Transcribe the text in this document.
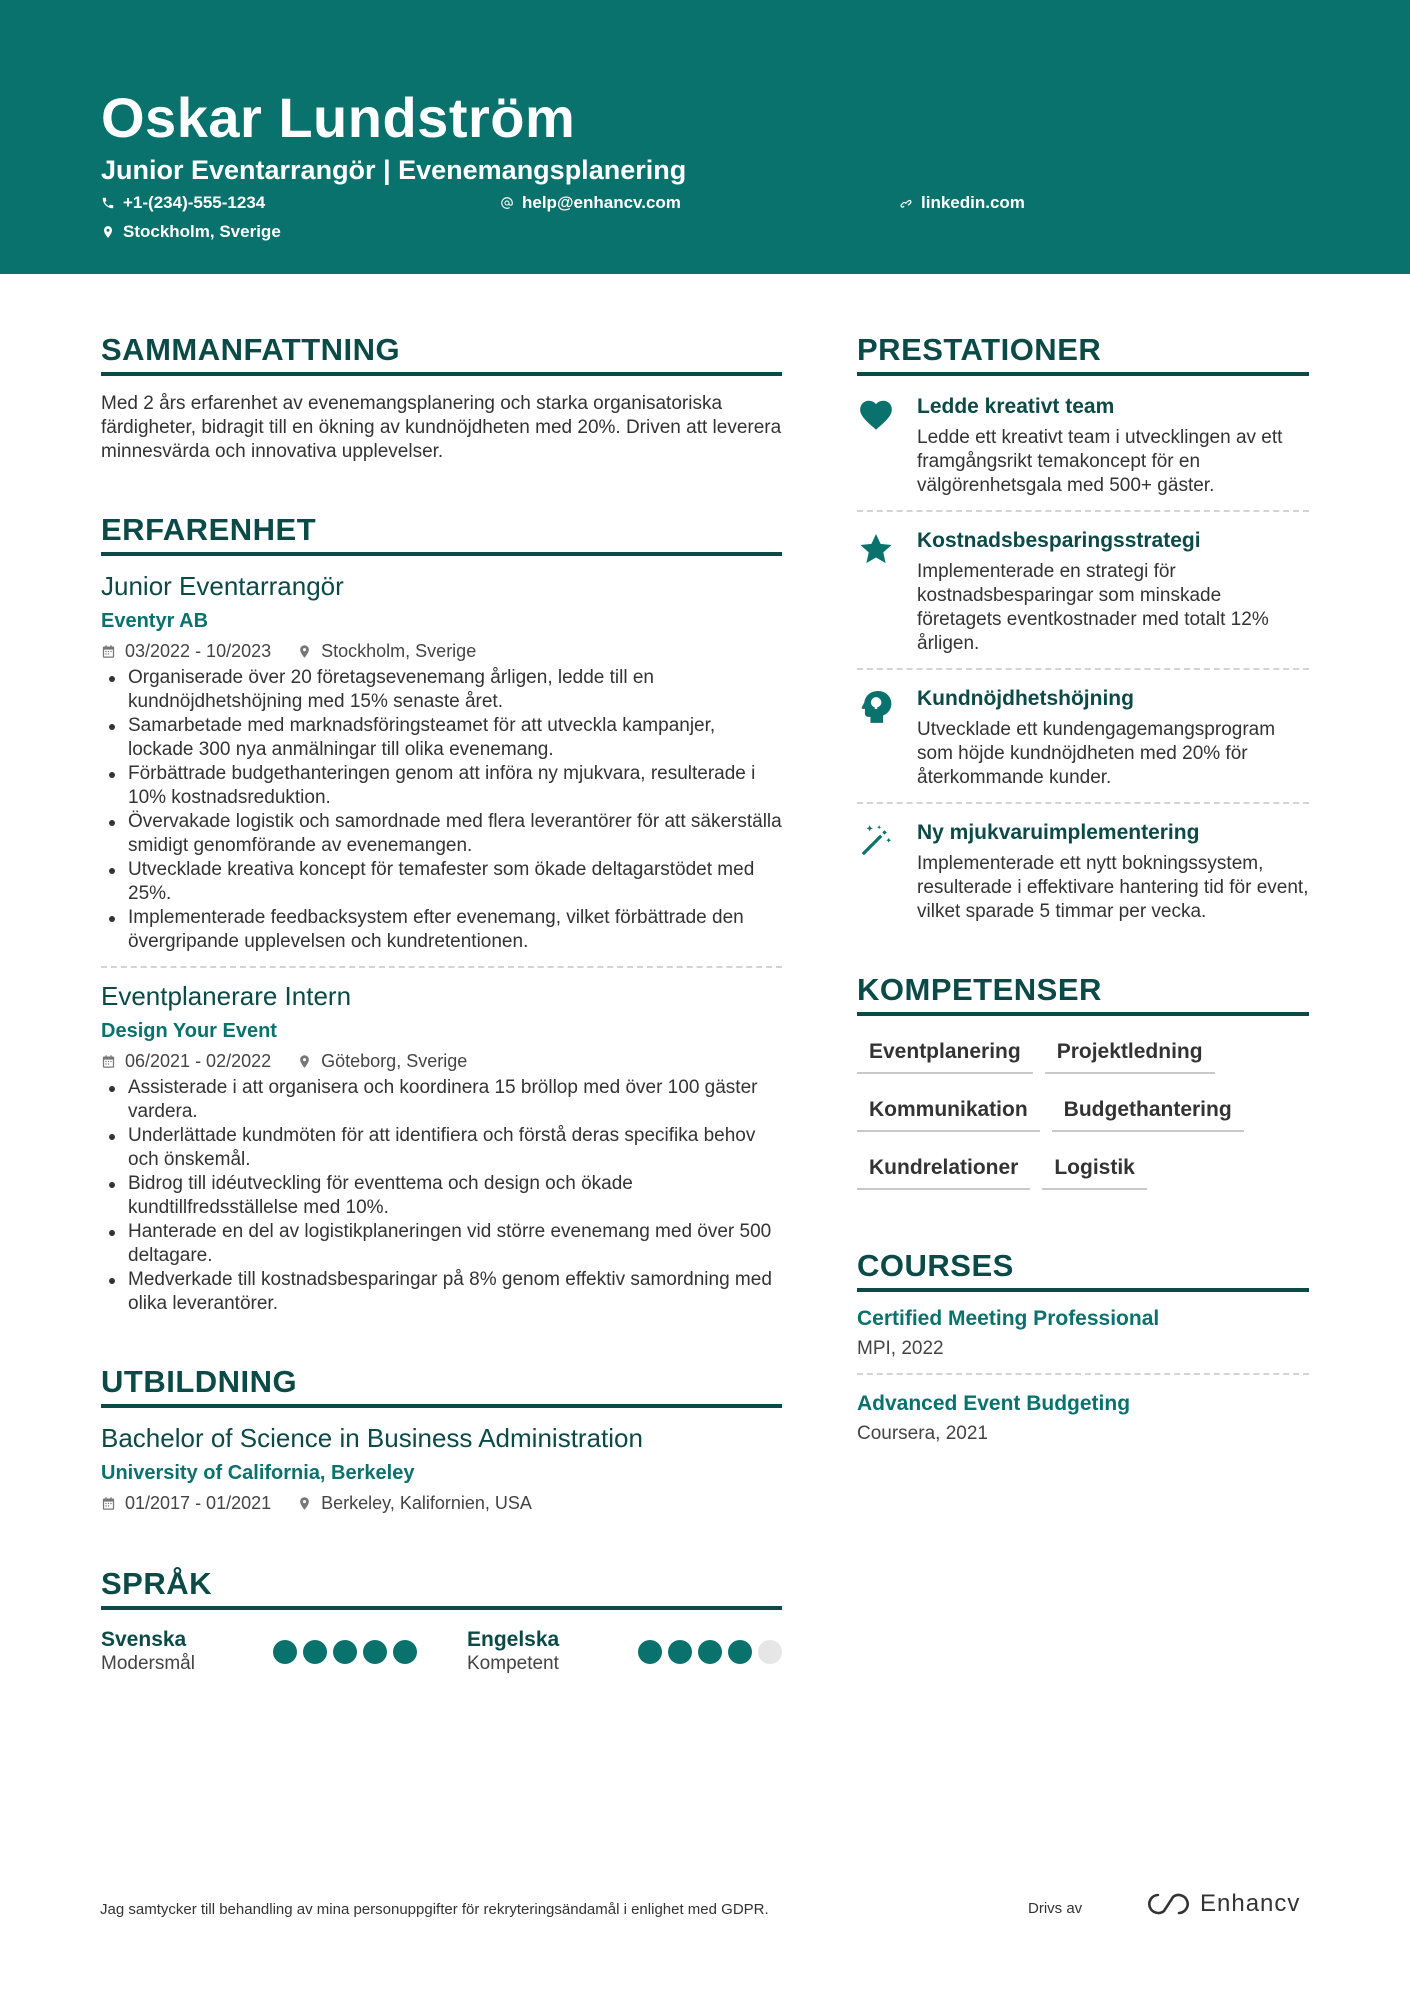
Oskar Lundström
Junior Eventarrangör | Evenemangsplanering
+1-(234)-555-1234	help@enhancv.com	linkedin.com
Stockholm, Sverige
SAMMANFATTNING
Med 2 års erfarenhet av evenemangsplanering och starka organisatoriska färdigheter, bidragit till en ökning av kundnöjdheten med 20%. Driven att leverera minnesvärda och innovativa upplevelser.
ERFARENHET
Junior Eventarrangör
Eventyr AB
03/2022 - 10/2023	Stockholm, Sverige
Organiserade över 20 företagsevenemang årligen, ledde till en kundnöjdhetshöjning med 15% senaste året.
Samarbetade med marknadsföringsteamet för att utveckla kampanjer, lockade 300 nya anmälningar till olika evenemang.
Förbättrade budgethanteringen genom att införa ny mjukvara, resulterade i 10% kostnadsreduktion.
Övervakade logistik och samordnade med flera leverantörer för att säkerställa smidigt genomförande av evenemangen.
Utvecklade kreativa koncept för temafester som ökade deltagarstödet med 25%.
Implementerade feedbacksystem efter evenemang, vilket förbättrade den övergripande upplevelsen och kundretentionen.
Eventplanerare Intern
Design Your Event
06/2021 - 02/2022	Göteborg, Sverige
Assisterade i att organisera och koordinera 15 bröllop med över 100 gäster vardera.
Underlättade kundmöten för att identifiera och förstå deras specifika behov och önskemål.
Bidrog till idéutveckling för eventtema och design och ökade kundtillfredsställelse med 10%.
Hanterade en del av logistikplaneringen vid större evenemang med över 500 deltagare.
Medverkade till kostnadsbesparingar på 8% genom effektiv samordning med olika leverantörer.
UTBILDNING
Bachelor of Science in Business Administration
University of California, Berkeley
01/2017 - 01/2021	Berkeley, Kalifornien, USA
SPRÅK
Svenska
Modersmål
Engelska
Kompetent
PRESTATIONER
Ledde kreativt team
Ledde ett kreativt team i utvecklingen av ett framgångsrikt temakoncept för en välgörenhetsgala med 500+ gäster.
Kostnadsbesparingsstrategi
Implementerade en strategi för kostnadsbesparingar som minskade företagets eventkostnader med totalt 12% årligen.
Kundnöjdhetshöjning
Utvecklade ett kundengagemangsprogram som höjde kundnöjdheten med 20% för återkommande kunder.
Ny mjukvaruimplementering
Implementerade ett nytt bokningssystem, resulterade i effektivare hantering tid för event, vilket sparade 5 timmar per vecka.
KOMPETENSER
Eventplanering	Projektledning
Kommunikation	Budgethantering
Kundrelationer	Logistik
COURSES
Certified Meeting Professional
MPI, 2022
Advanced Event Budgeting
Coursera, 2021
Jag samtycker till behandling av mina personuppgifter för rekryteringsändamål i enlighet med GDPR.	Drivs av	Enhancv
